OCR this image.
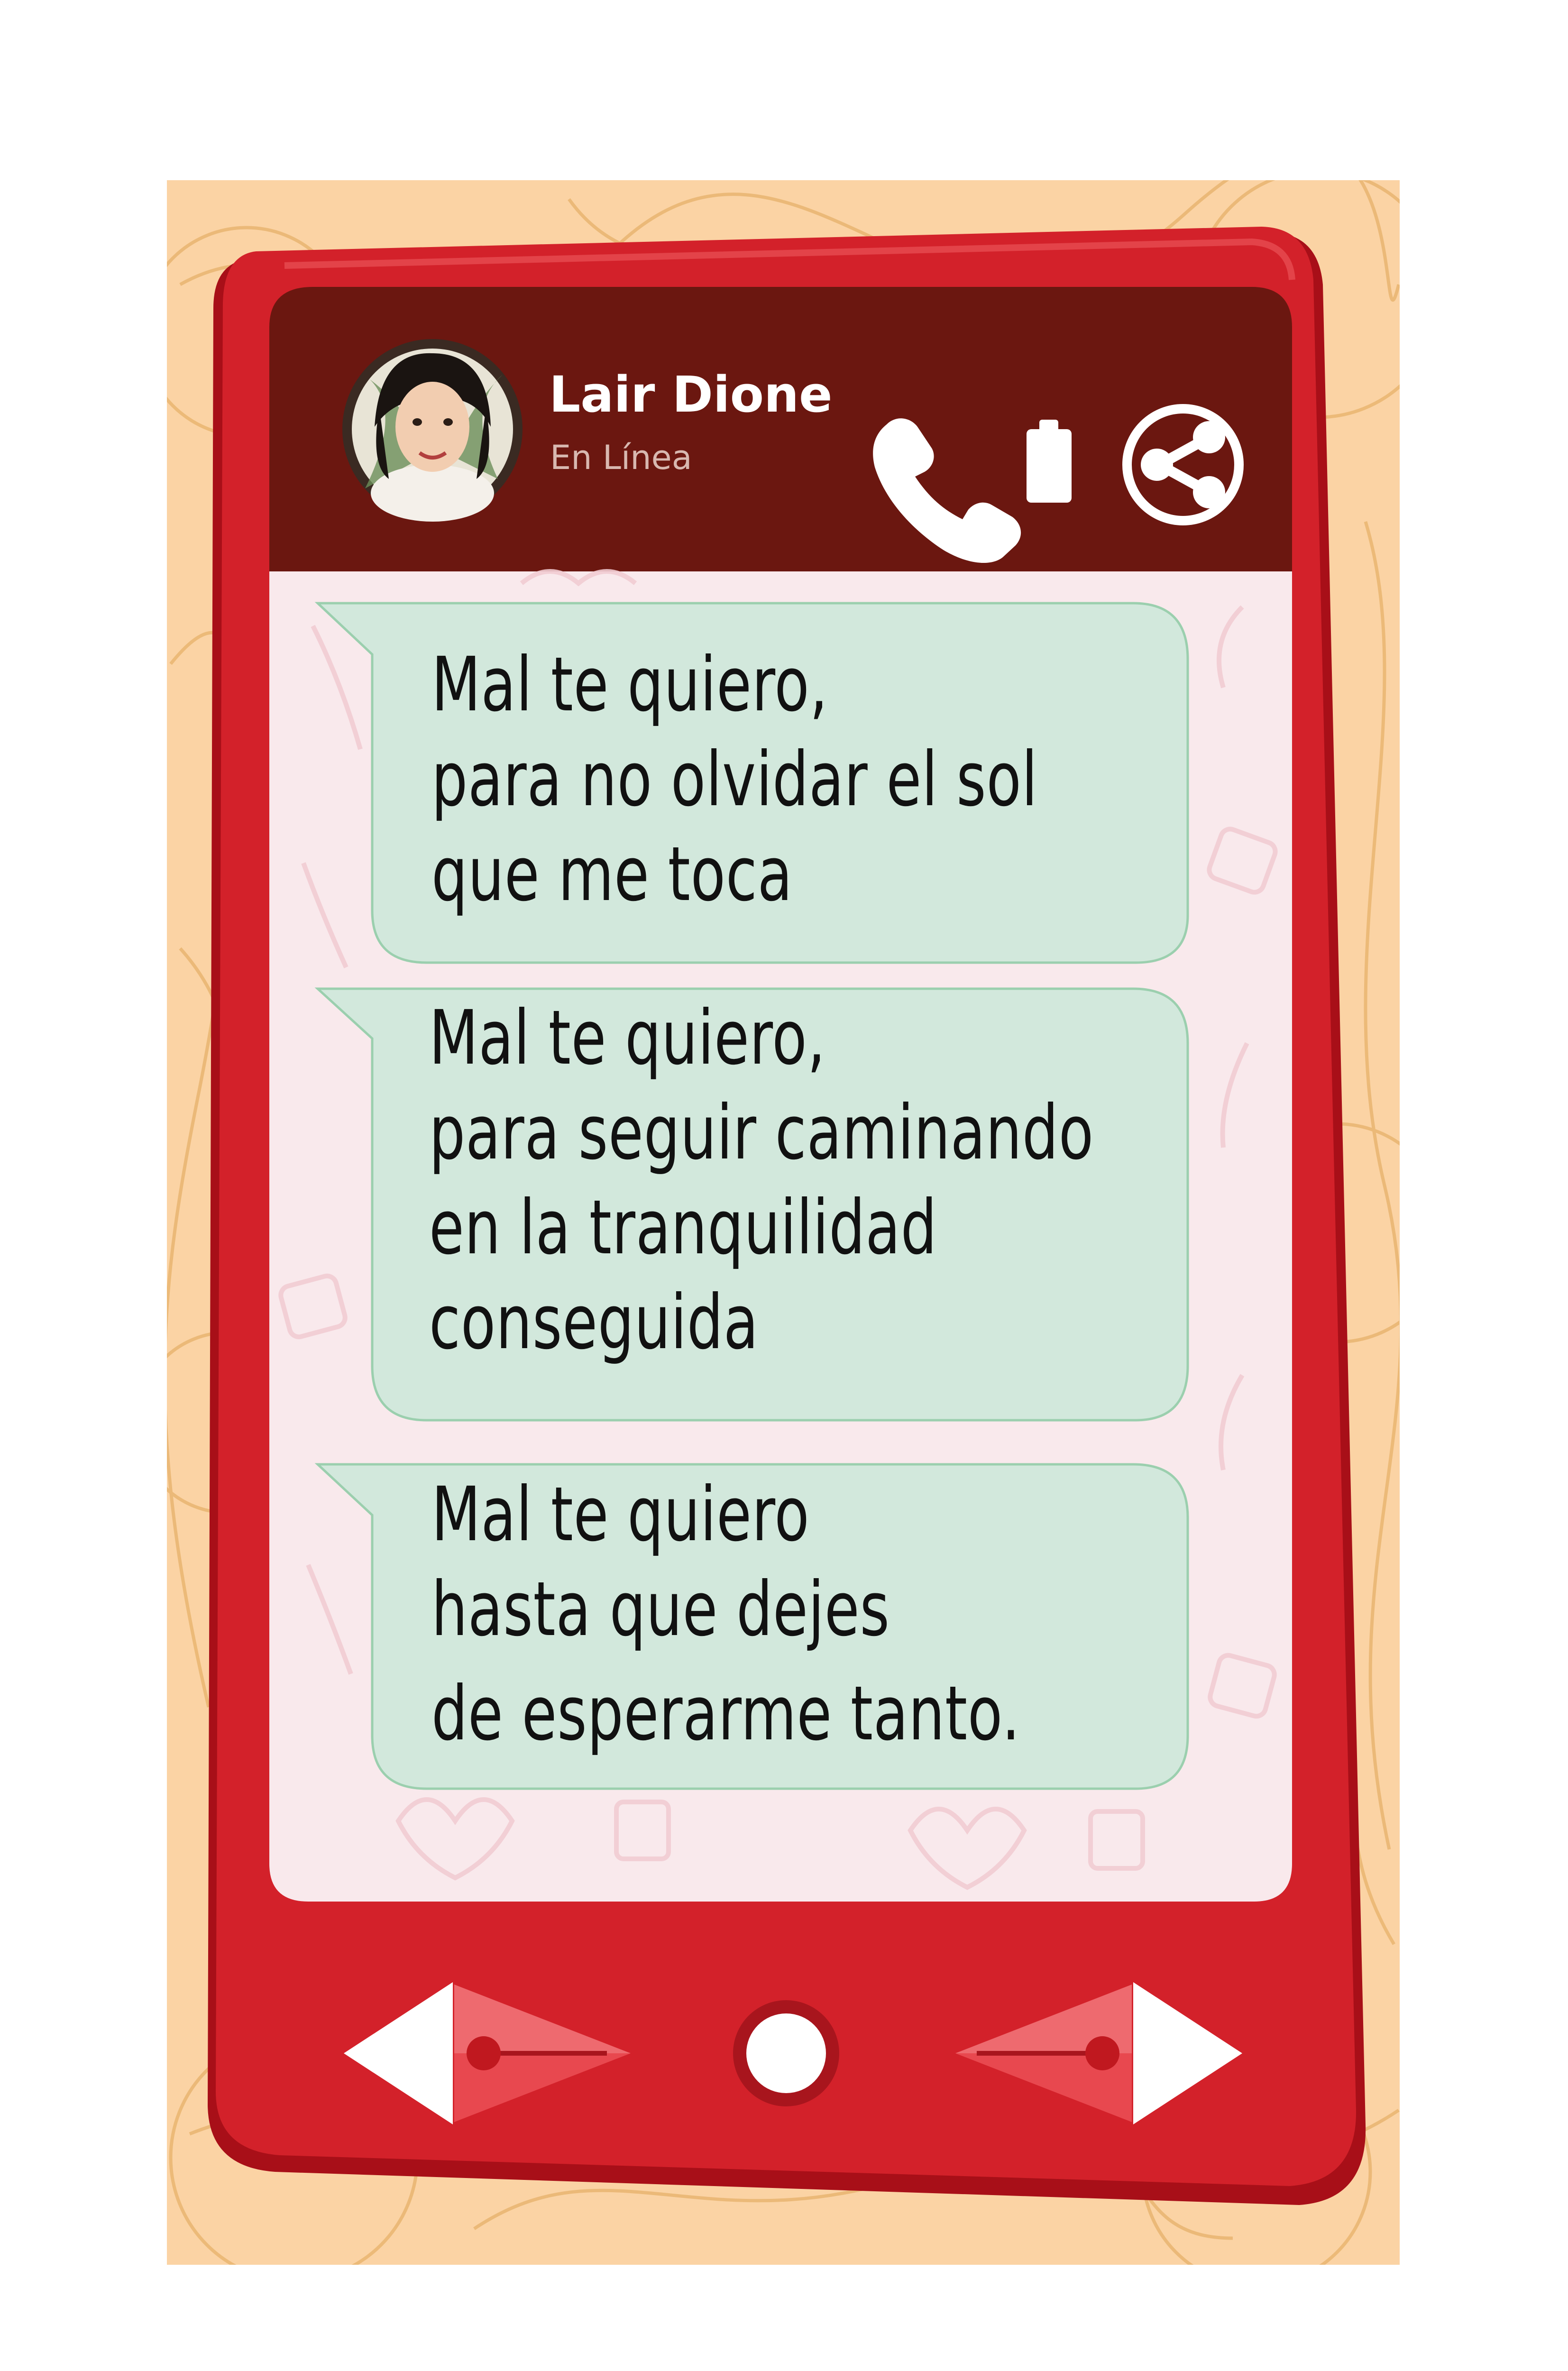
Lair Dione
En Línea
Mal te quiero,
para no olvidar el sol
que me toca
Mal te quiero,
para seguir caminando
en la tranquilidad
conseguida
Mal te quiero
hasta que dejes
de esperarme tanto.
